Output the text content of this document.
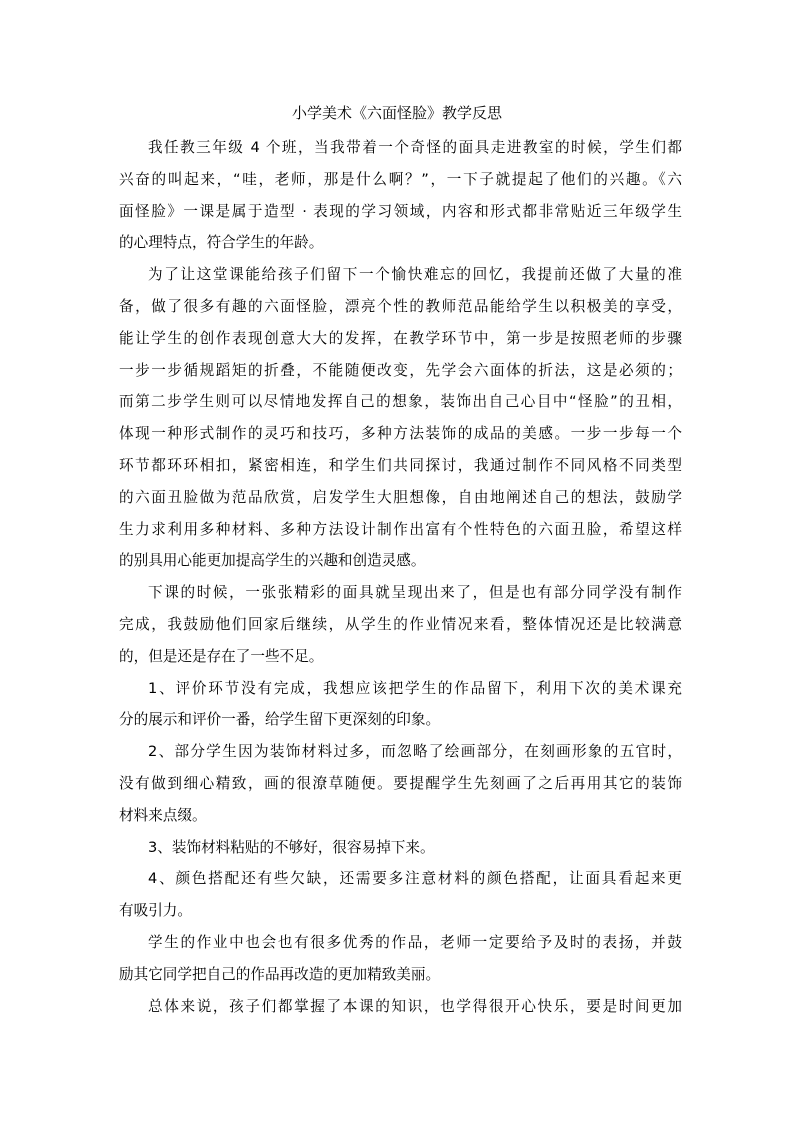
小学美术《六面怪脸》教学反思
我任教三年级 4 个班，当我带着一个奇怪的面具走进教室的时候，学生们都
兴奋的叫起来，“哇，老师，那是什么啊？”，一下子就提起了他们的兴趣。《六
面怪脸》一课是属于造型 · 表现的学习领域，内容和形式都非常贴近三年级学生
的心理特点，符合学生的年龄。
为了让这堂课能给孩子们留下一个愉快难忘的回忆，我提前还做了大量的准
备，做了很多有趣的六面怪脸，漂亮个性的教师范品能给学生以积极美的享受，
能让学生的创作表现创意大大的发挥，在教学环节中，第一步是按照老师的步骤
一步一步循规蹈矩的折叠，不能随便改变，先学会六面体的折法，这是必须的；
而第二步学生则可以尽情地发挥自己的想象，装饰出自己心目中“怪脸”的丑相，
体现一种形式制作的灵巧和技巧，多种方法装饰的成品的美感。一步一步每一个
环节都环环相扣，紧密相连，和学生们共同探讨，我通过制作不同风格不同类型
的六面丑脸做为范品欣赏，启发学生大胆想像，自由地阐述自己的想法，鼓励学
生力求利用多种材料、多种方法设计制作出富有个性特色的六面丑脸，希望这样
的别具用心能更加提高学生的兴趣和创造灵感。
下课的时候，一张张精彩的面具就呈现出来了，但是也有部分同学没有制作
完成，我鼓励他们回家后继续，从学生的作业情况来看，整体情况还是比较满意
的，但是还是存在了一些不足。
1、评价环节没有完成，我想应该把学生的作品留下，利用下次的美术课充
分的展示和评价一番，给学生留下更深刻的印象。
2、部分学生因为装饰材料过多，而忽略了绘画部分，在刻画形象的五官时，
没有做到细心精致，画的很潦草随便。要提醒学生先刻画了之后再用其它的装饰
材料来点缀。
3、装饰材料粘贴的不够好，很容易掉下来。
4、颜色搭配还有些欠缺，还需要多注意材料的颜色搭配，让面具看起来更
有吸引力。
学生的作业中也会也有很多优秀的作品，老师一定要给予及时的表扬，并鼓
励其它同学把自己的作品再改造的更加精致美丽。
总体来说，孩子们都掌握了本课的知识，也学得很开心快乐，要是时间更加
